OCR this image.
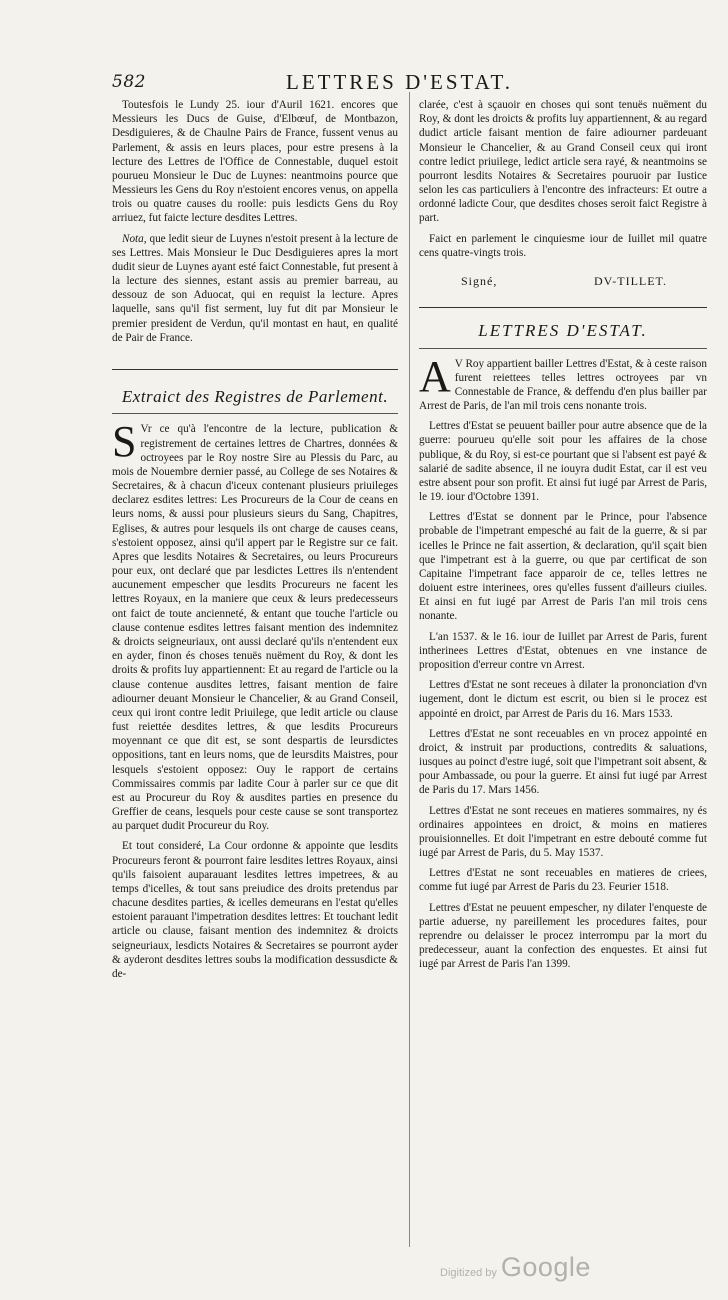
582	LETTRES D'ESTAT.

Toutesfois le Lundy 25. iour d'Auril 1621. encores que Messieurs les Ducs de Guise, d'Elbœuf, de Montbazon, Desdiguieres, & de Chaulne Pairs de France, fussent venus au Parlement, & assis en leurs places, pour estre presens à la lecture des Lettres de l'Office de Connestable, duquel estoit pourueu Monsieur le Duc de Luynes: neantmoins pource que Messieurs les Gens du Roy n'estoient encores venus, on appella trois ou quatre causes du roolle: puis lesdicts Gens du Roy arriuez, fut faicte lecture desdites Lettres.

Nota, que ledit sieur de Luynes n'estoit present à la lecture de ses Lettres. Mais Monsieur le Duc Desdiguieres apres la mort dudit sieur de Luynes ayant esté faict Connestable, fut present à la lecture des siennes, estant assis au premier barreau, au dessouz de son Aduocat, qui en requist la lecture. Apres laquelle, sans qu'il fist serment, luy fut dit par Monsieur le premier president de Verdun, qu'il montast en haut, en qualité de Pair de France.

Extraict des Registres de Parlement.

S Vr ce qu'à l'encontre de la lecture, publication & registrement de certaines lettres de Chartres, données & octroyees par le Roy nostre Sire au Plessis du Parc, au mois de Nouembre dernier passé, au College de ses Notaires & Secretaires, & à chacun d'iceux contenant plusieurs priuileges declarez esdites lettres: Les Procureurs de la Cour de ceans en leurs noms, & aussi pour plusieurs sieurs du Sang, Chapitres, Eglises, & autres pour lesquels ils ont charge de causes ceans, s'estoient opposez, ainsi qu'il appert par le Registre sur ce fait. Apres que lesdits Notaires & Secretaires, ou leurs Procureurs pour eux, ont declaré que par lesdictes Lettres ils n'entendent aucunement empescher que lesdits Procureurs ne facent les lettres Royaux, en la maniere que ceux & leurs predecesseurs ont faict de toute ancienneté, & entant que touche l'article ou clause contenue esdites lettres faisant mention des indemnitez & droicts seigneuriaux, ont aussi declaré qu'ils n'entendent eux en ayder, finon és choses tenuës nuëment du Roy, & dont les droits & profits luy appartiennent: Et au regard de l'article ou la clause contenue ausdites lettres, faisant mention de faire adiourner deuant Monsieur le Chancelier, & au Grand Conseil, ceux qui iront contre ledit Priuilege, que ledit article ou clause fust reiettée desdites lettres, & que lesdits Procureurs moyennant ce que dit est, se sont despartis de leursdictes oppositions, tant en leurs noms, que de leursdits Maistres, pour lesquels s'estoient opposez: Ouy le rapport de certains Commissaires commis par ladite Cour à parler sur ce que dit est au Procureur du Roy & ausdites parties en presence du Greffier de ceans, lesquels pour ceste cause se sont transportez au parquet dudit Procureur du Roy.

Et tout consideré, La Cour ordonne & appointe que lesdits Procureurs feront & pourront faire lesdites lettres Royaux, ainsi qu'ils faisoient auparauant lesdites lettres impetrees, & au temps d'icelles, & tout sans preiudice des droits pretendus par chacune desdites parties, & icelles demeurans en l'estat qu'elles estoient parauant l'impetration desdites lettres: Et touchant ledit article ou clause, faisant mention des indemnitez & droicts seigneuriaux, lesdicts Notaires & Secretaires se pourront ayder & ayderont desdites lettres soubs la modification dessusdicte & de-

clarée, c'est à sçauoir en choses qui sont tenuës nuëment du Roy, & dont les droicts & profits luy appartiennent, & au regard dudict article faisant mention de faire adiourner pardeuant Monsieur le Chancelier, & au Grand Conseil ceux qui iront contre ledict priuilege, ledict article sera rayé, & neantmoins se pourront lesdits Notaires & Secretaires pouruoir par Iustice selon les cas particuliers à l'encontre des infracteurs: Et outre a ordonné ladicte Cour, que desdites choses seroit faict Registre à part.

Faict en parlement le cinquiesme iour de Iuillet mil quatre cens quatre-vingts trois.

Signé,	DV-TILLET.

LETTRES D'ESTAT.

A V Roy appartient bailler Lettres d'Estat, & à ceste raison furent reiettees telles lettres octroyees par vn Connestable de France, & deffendu d'en plus bailler par Arrest de Paris, de l'an mil trois cens nonante trois.

Lettres d'Estat se peuuent bailler pour autre absence que de la guerre: pourueu qu'elle soit pour les affaires de la chose publique, & du Roy, si est-ce pourtant que si l'absent est payé & salarié de sadite absence, il ne iouyra dudit Estat, car il est veu estre absent pour son profit. Et ainsi fut iugé par Arrest de Paris, le 19. iour d'Octobre 1391.

Lettres d'Estat se donnent par le Prince, pour l'absence probable de l'impetrant empesché au fait de la guerre, & si par icelles le Prince ne fait assertion, & declaration, qu'il sçait bien que l'impetrant est à la guerre, ou que par certificat de son Capitaine l'impetrant face apparoir de ce, telles lettres ne doiuent estre interinees, ores qu'elles fussent d'ailleurs ciuiles. Et ainsi en fut iugé par Arrest de Paris l'an mil trois cens nonante.

L'an 1537. & le 16. iour de Iuillet par Arrest de Paris, furent intherinees Lettres d'Estat, obtenues en vne instance de proposition d'erreur contre vn Arrest.

Lettres d'Estat ne sont receues à dilater la prononciation d'vn iugement, dont le dictum est escrit, ou bien si le procez est appointé en droict, par Arrest de Paris du 16. Mars 1533.

Lettres d'Estat ne sont receuables en vn procez appointé en droict, & instruit par productions, contredits & saluations, iusques au poinct d'estre iugé, soit que l'impetrant soit absent, & pour Ambassade, ou pour la guerre. Et ainsi fut iugé par Arrest de Paris du 17. Mars 1456.

Lettres d'Estat ne sont receues en matieres sommaires, ny és ordinaires appointees en droict, & moins en matieres prouisionnelles. Et doit l'impetrant en estre debouté comme fut iugé par Arrest de Paris, du 5. May 1537.

Lettres d'Estat ne sont receuables en matieres de criees, comme fut iugé par Arrest de Paris du 23. Feurier 1518.

Lettres d'Estat ne peuuent empescher, ny dilater l'enqueste de partie aduerse, ny pareillement les procedures faites, pour reprendre ou delaisser le procez interrompu par la mort du predecesseur, auant la confection des enquestes. Et ainsi fut iugé par Arrest de Paris l'an 1399.

Digitized by Google
